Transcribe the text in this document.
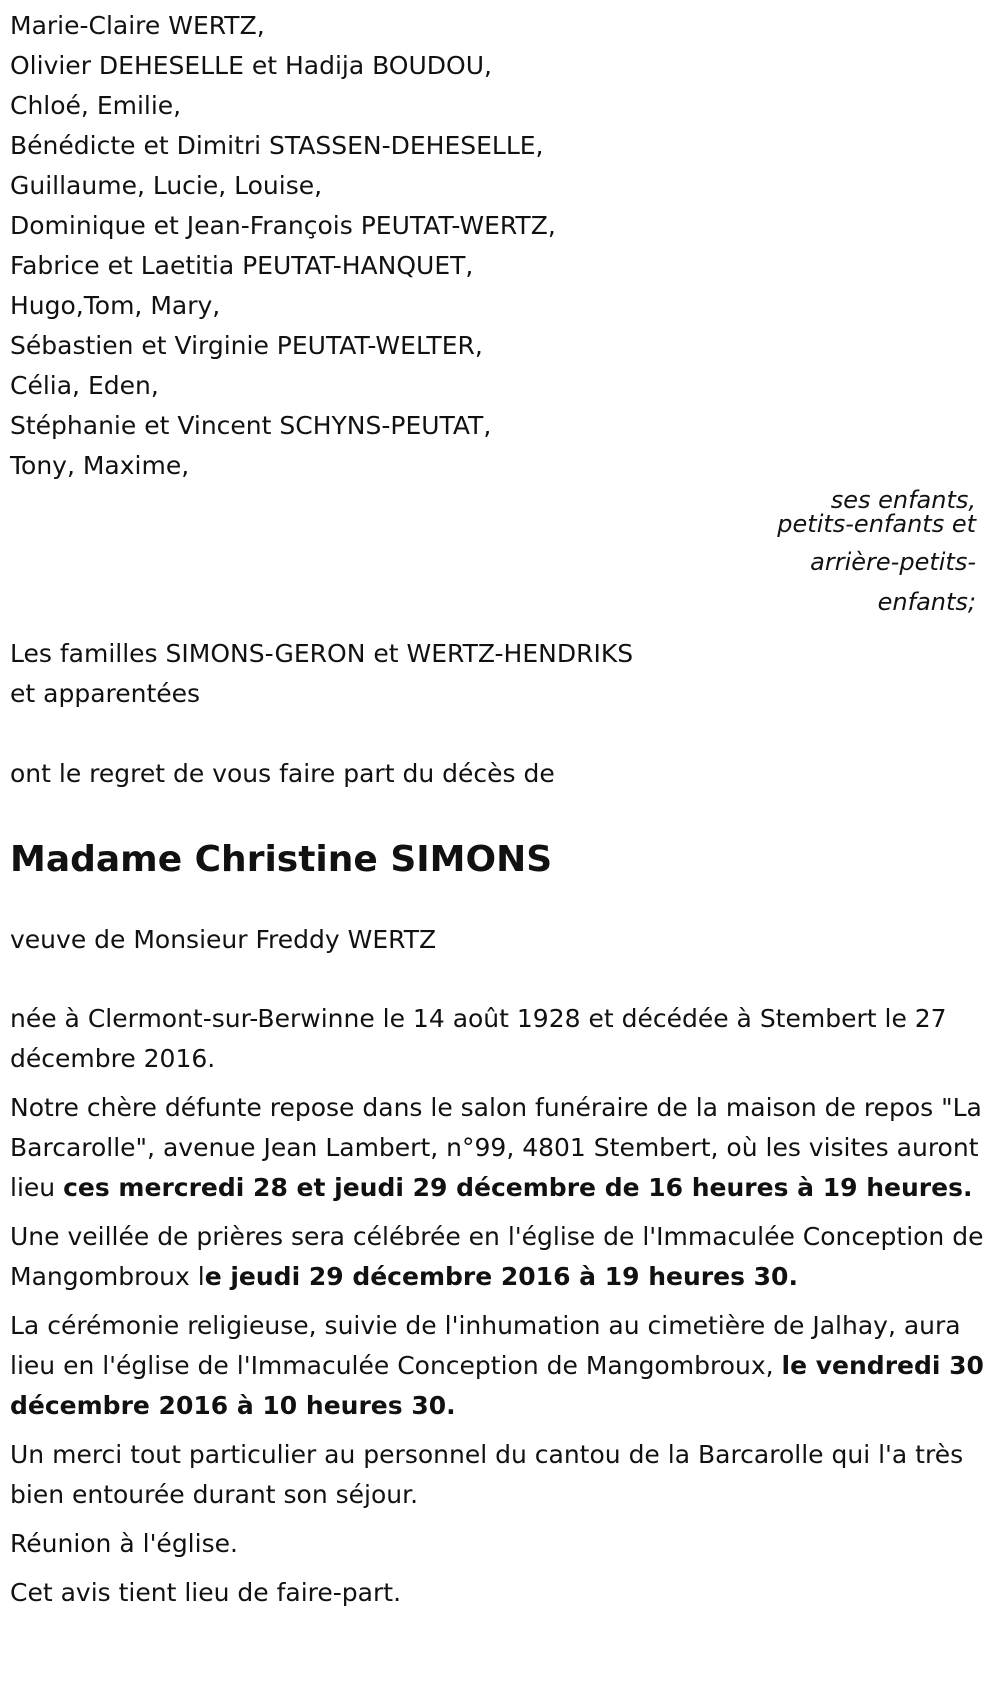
Marie-Claire WERTZ,
Olivier DEHESELLE et Hadija BOUDOU,
Chloé, Emilie,
Bénédicte et Dimitri STASSEN-DEHESELLE,
Guillaume, Lucie, Louise,
Dominique et Jean-François PEUTAT-WERTZ,
Fabrice et Laetitia PEUTAT-HANQUET,
Hugo,Tom, Mary,
Sébastien et Virginie PEUTAT-WELTER,
Célia, Eden,
Stéphanie et Vincent SCHYNS-PEUTAT,
Tony, Maxime,
ses enfants,
petits-enfants et
arrière-petits-
enfants;
Les familles SIMONS-GERON et WERTZ-HENDRIKS
et apparentées
ont le regret de vous faire part du décès de
Madame Christine SIMONS
veuve de Monsieur Freddy WERTZ

née à Clermont-sur-Berwinne le 14 août 1928 et décédée à Stembert le 27 décembre 2016.

Notre chère défunte repose dans le salon funéraire de la maison de repos "La Barcarolle", avenue Jean Lambert, n°99, 4801 Stembert, où les visites auront lieu ces mercredi 28 et jeudi 29 décembre de 16 heures à 19 heures.

Une veillée de prières sera célébrée en l'église de l'Immaculée Conception de Mangombroux le jeudi 29 décembre 2016 à 19 heures 30.

La cérémonie religieuse, suivie de l'inhumation au cimetière de Jalhay, aura lieu en l'église de l'Immaculée Conception de Mangombroux, le vendredi 30 décembre 2016 à 10 heures 30.

Un merci tout particulier au personnel du cantou de la Barcarolle qui l'a très bien entourée durant son séjour.

Réunion à l'église.

Cet avis tient lieu de faire-part.
